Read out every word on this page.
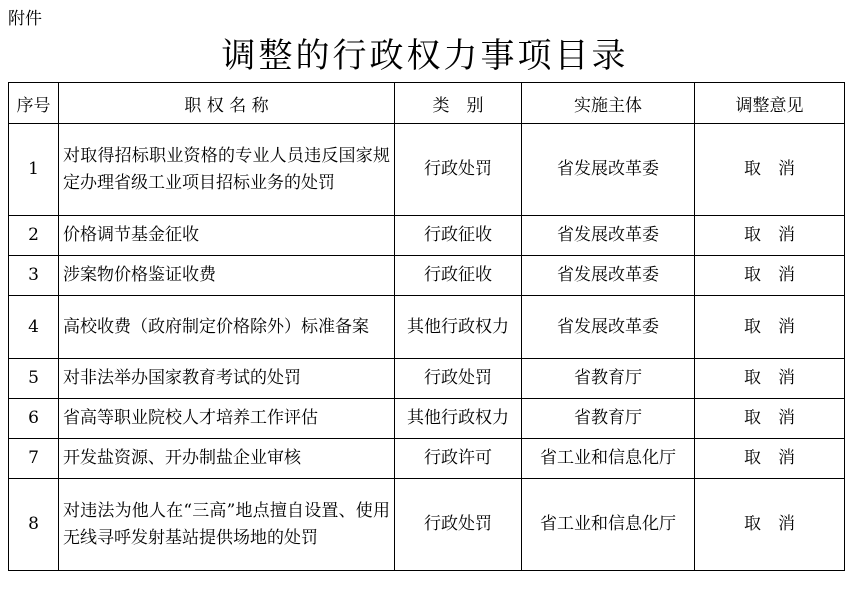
附件
调整的行政权力事项目录
序号	职 权 名 称	类　别	实施主体	调整意见
1	对取得招标职业资格的专业人员违反国家规定办理省级工业项目招标业务的处罚	行政处罚	省发展改革委	取　消
2	价格调节基金征收	行政征收	省发展改革委	取　消
3	涉案物价格鉴证收费	行政征收	省发展改革委	取　消
4	高校收费（政府制定价格除外）标准备案	其他行政权力	省发展改革委	取　消
5	对非法举办国家教育考试的处罚	行政处罚	省教育厅	取　消
6	省高等职业院校人才培养工作评估	其他行政权力	省教育厅	取　消
7	开发盐资源、开办制盐企业审核	行政许可	省工业和信息化厅	取　消
8	对违法为他人在“三高”地点擅自设置、使用无线寻呼发射基站提供场地的处罚	行政处罚	省工业和信息化厅	取　消
